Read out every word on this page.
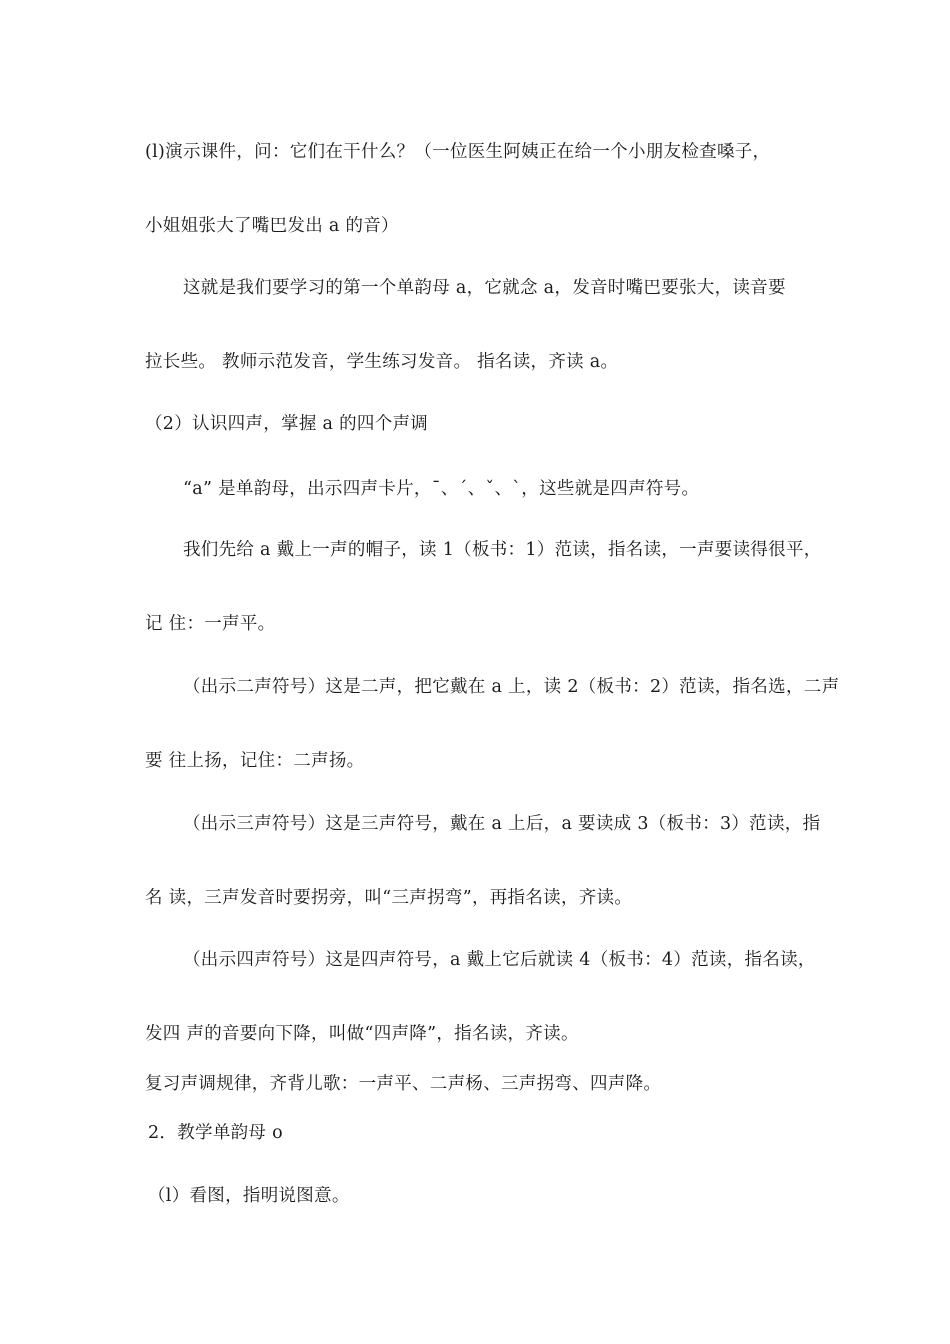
(l)演示课件，问：它们在干什么？（一位医生阿姨正在给一个小朋友检查嗓子，
小姐姐张大了嘴巴发出 a 的音）
这就是我们要学习的第一个单韵母 a，它就念 a，发音时嘴巴要张大，读音要
拉长些。 教师示范发音，学生练习发音。 指名读，齐读 a。
（2）认识四声，掌握 a 的四个声调
“a” 是单韵母，出示四声卡片，ˉ、ˊ、ˇ、ˋ，这些就是四声符号。
我们先给 a 戴上一声的帽子，读 1（板书：1）范读，指名读，一声要读得很平，
记 住：一声平。
（出示二声符号）这是二声，把它戴在 a 上，读 2（板书：2）范读，指名选，二声
要 往上扬，记住：二声扬。
（出示三声符号）这是三声符号，戴在 a 上后，a 要读成 3（板书：3）范读，指
名 读，三声发音时要拐旁，叫“三声拐弯”，再指名读，齐读。
（出示四声符号）这是四声符号，a 戴上它后就读 4（板书：4）范读，指名读，
发四 声的音要向下降，叫做“四声降”，指名读，齐读。
复习声调规律，齐背儿歌：一声平、二声杨、三声拐弯、四声降。
2．教学单韵母 o
（l）看图，指明说图意。
